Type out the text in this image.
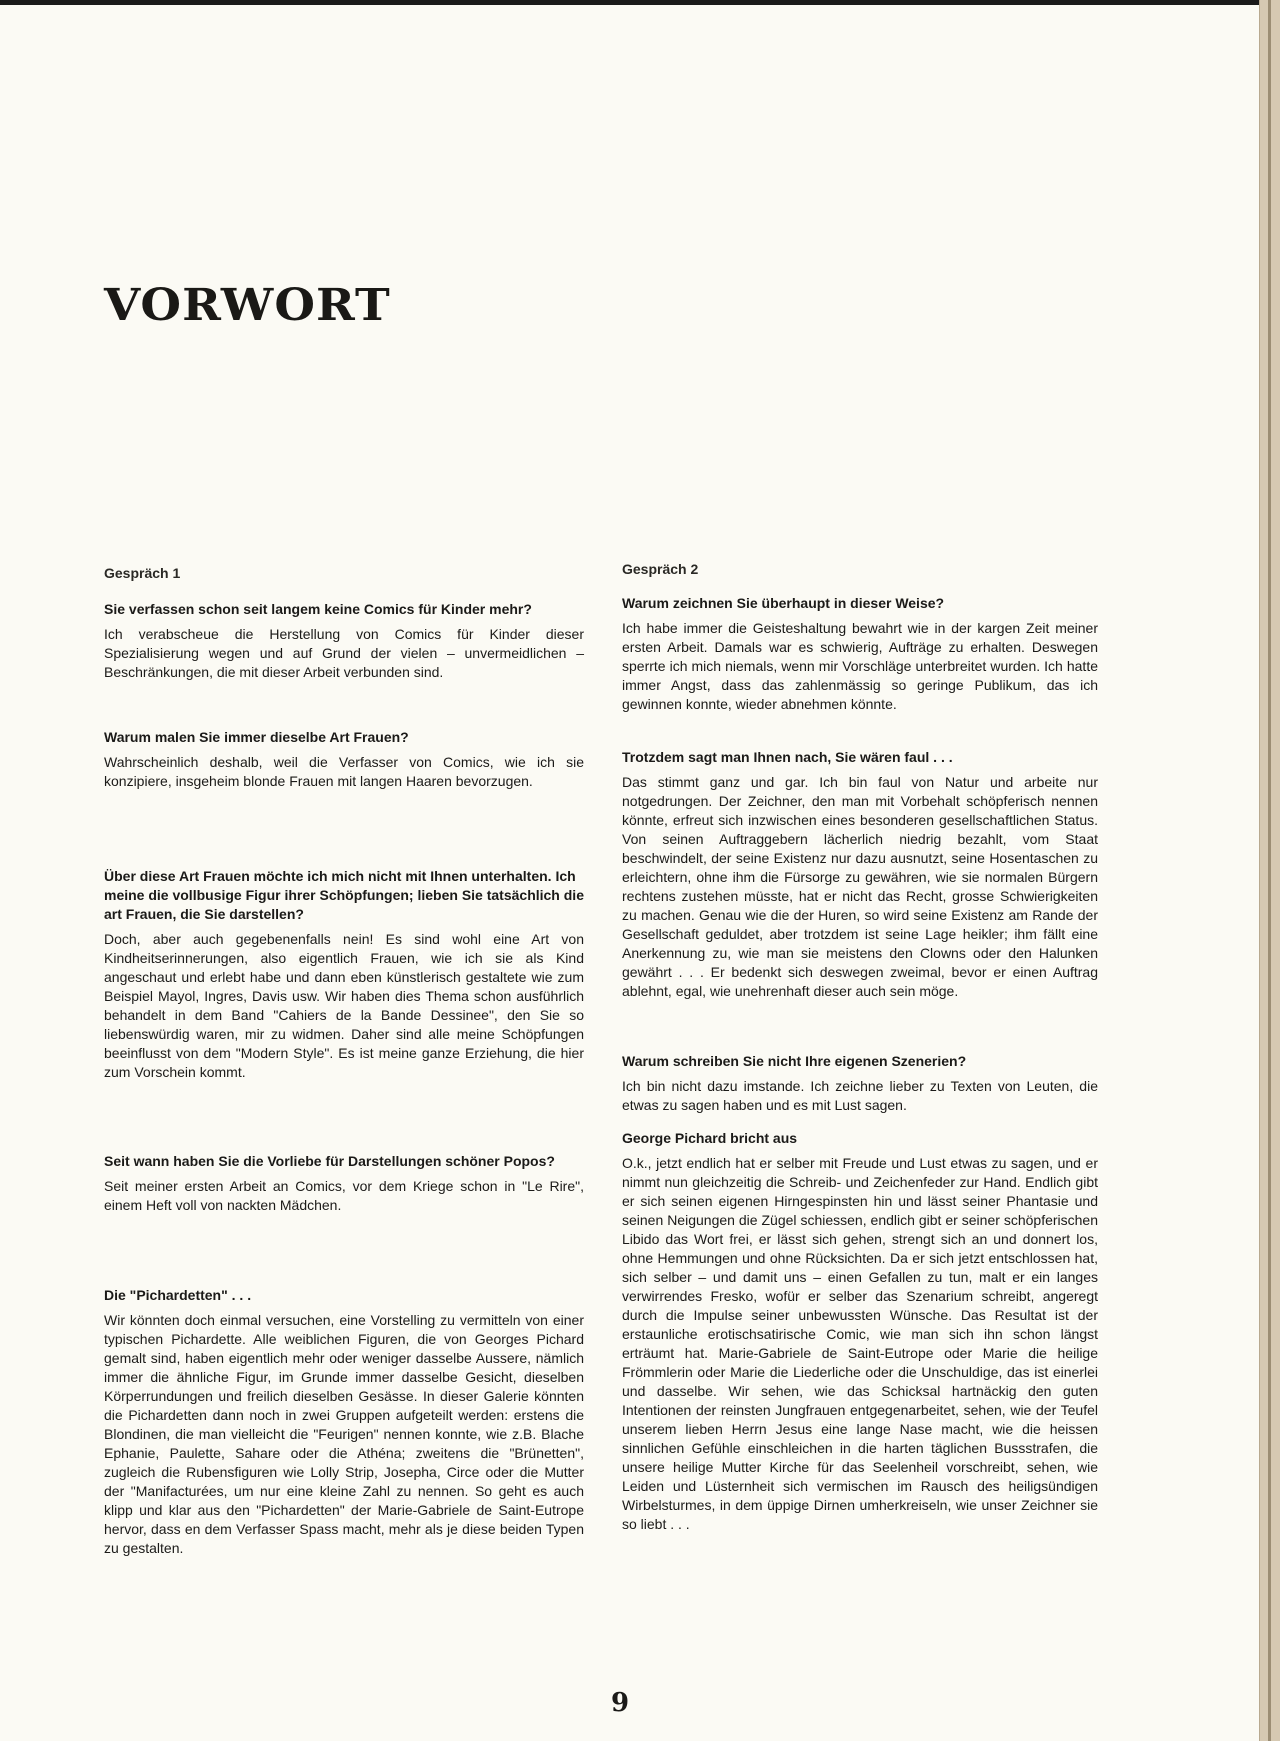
VORWORT
Gespräch 1

Sie verfassen schon seit langem keine Comics für Kinder mehr?

Ich verabscheue die Herstellung von Comics für Kinder dieser Spezialisierung wegen und auf Grund der vielen – unvermeidlichen – Beschränkungen, die mit dieser Arbeit verbunden sind.

Warum malen Sie immer dieselbe Art Frauen?

Wahrscheinlich deshalb, weil die Verfasser von Comics, wie ich sie konzipiere, insgeheim blonde Frauen mit langen Haaren bevorzugen.

Über diese Art Frauen möchte ich mich nicht mit Ihnen unterhalten. Ich meine die vollbusige Figur ihrer Schöpfungen; lieben Sie tatsächlich die art Frauen, die Sie darstellen?

Doch, aber auch gegebenenfalls nein! Es sind wohl eine Art von Kindheitserinnerungen, also eigentlich Frauen, wie ich sie als Kind angeschaut und erlebt habe und dann eben künstlerisch gestaltete wie zum Beispiel Mayol, Ingres, Davis usw. Wir haben dies Thema schon ausführlich behandelt in dem Band "Cahiers de la Bande Dessinee", den Sie so liebenswürdig waren, mir zu widmen. Daher sind alle meine Schöpfungen beeinflusst von dem "Modern Style". Es ist meine ganze Erziehung, die hier zum Vorschein kommt.

Seit wann haben Sie die Vorliebe für Darstellungen schöner Popos?

Seit meiner ersten Arbeit an Comics, vor dem Kriege schon in "Le Rire", einem Heft voll von nackten Mädchen.

Die "Pichardetten" . . .

Wir könnten doch einmal versuchen, eine Vorstelling zu vermitteln von einer typischen Pichardette. Alle weiblichen Figuren, die von Georges Pichard gemalt sind, haben eigentlich mehr oder weniger dasselbe Aussere, nämlich immer die ähnliche Figur, im Grunde immer dasselbe Gesicht, dieselben Körperrundungen und freilich dieselben Gesässe. In dieser Galerie könnten die Pichardetten dann noch in zwei Gruppen aufgeteilt werden: erstens die Blondinen, die man vielleicht die "Feurigen" nennen konnte, wie z.B. Blache Ephanie, Paulette, Sahare oder die Athéna; zweitens die "Brünetten", zugleich die Rubensfiguren wie Lolly Strip, Josepha, Circe oder die Mutter der "Manifacturées, um nur eine kleine Zahl zu nennen. So geht es auch klipp und klar aus den "Pichardetten" der Marie-Gabriele de Saint-Eutrope hervor, dass en dem Verfasser Spass macht, mehr als je diese beiden Typen zu gestalten.

Gespräch 2

Warum zeichnen Sie überhaupt in dieser Weise?

Ich habe immer die Geisteshaltung bewahrt wie in der kargen Zeit meiner ersten Arbeit. Damals war es schwierig, Aufträge zu erhalten. Deswegen sperrte ich mich niemals, wenn mir Vorschläge unterbreitet wurden. Ich hatte immer Angst, dass das zahlenmässig so geringe Publikum, das ich gewinnen konnte, wieder abnehmen könnte.

Trotzdem sagt man Ihnen nach, Sie wären faul . . .

Das stimmt ganz und gar. Ich bin faul von Natur und arbeite nur notgedrungen. Der Zeichner, den man mit Vorbehalt schöpferisch nennen könnte, erfreut sich inzwischen eines besonderen gesellschaftlichen Status. Von seinen Auftraggebern lächerlich niedrig bezahlt, vom Staat beschwindelt, der seine Existenz nur dazu ausnutzt, seine Hosentaschen zu erleichtern, ohne ihm die Fürsorge zu gewähren, wie sie normalen Bürgern rechtens zustehen müsste, hat er nicht das Recht, grosse Schwierigkeiten zu machen. Genau wie die der Huren, so wird seine Existenz am Rande der Gesellschaft geduldet, aber trotzdem ist seine Lage heikler; ihm fällt eine Anerkennung zu, wie man sie meistens den Clowns oder den Halunken gewährt . . . Er bedenkt sich deswegen zweimal, bevor er einen Auftrag ablehnt, egal, wie unehrenhaft dieser auch sein möge.

Warum schreiben Sie nicht Ihre eigenen Szenerien?

Ich bin nicht dazu imstande. Ich zeichne lieber zu Texten von Leuten, die etwas zu sagen haben und es mit Lust sagen.

George Pichard bricht aus

O.k., jetzt endlich hat er selber mit Freude und Lust etwas zu sagen, und er nimmt nun gleichzeitig die Schreib- und Zeichenfeder zur Hand. Endlich gibt er sich seinen eigenen Hirngespinsten hin und lässt seiner Phantasie und seinen Neigungen die Zügel schiessen, endlich gibt er seiner schöpferischen Libido das Wort frei, er lässt sich gehen, strengt sich an und donnert los, ohne Hemmungen und ohne Rücksichten. Da er sich jetzt entschlossen hat, sich selber – und damit uns – einen Gefallen zu tun, malt er ein langes verwirrendes Fresko, wofür er selber das Szenarium schreibt, angeregt durch die Impulse seiner unbewussten Wünsche. Das Resultat ist der erstaunliche erotischsatirische Comic, wie man sich ihn schon längst erträumt hat. Marie-Gabriele de Saint-Eutrope oder Marie die heilige Frömmlerin oder Marie die Liederliche oder die Unschuldige, das ist einerlei und dasselbe. Wir sehen, wie das Schicksal hartnäckig den guten Intentionen der reinsten Jungfrauen entgegenarbeitet, sehen, wie der Teufel unserem lieben Herrn Jesus eine lange Nase macht, wie die heissen sinnlichen Gefühle einschleichen in die harten täglichen Bussstrafen, die unsere heilige Mutter Kirche für das Seelenheil vorschreibt, sehen, wie Leiden und Lüsternheit sich vermischen im Rausch des heiligsündigen Wirbelsturmes, in dem üppige Dirnen umherkreiseln, wie unser Zeichner sie so liebt . . .

9
